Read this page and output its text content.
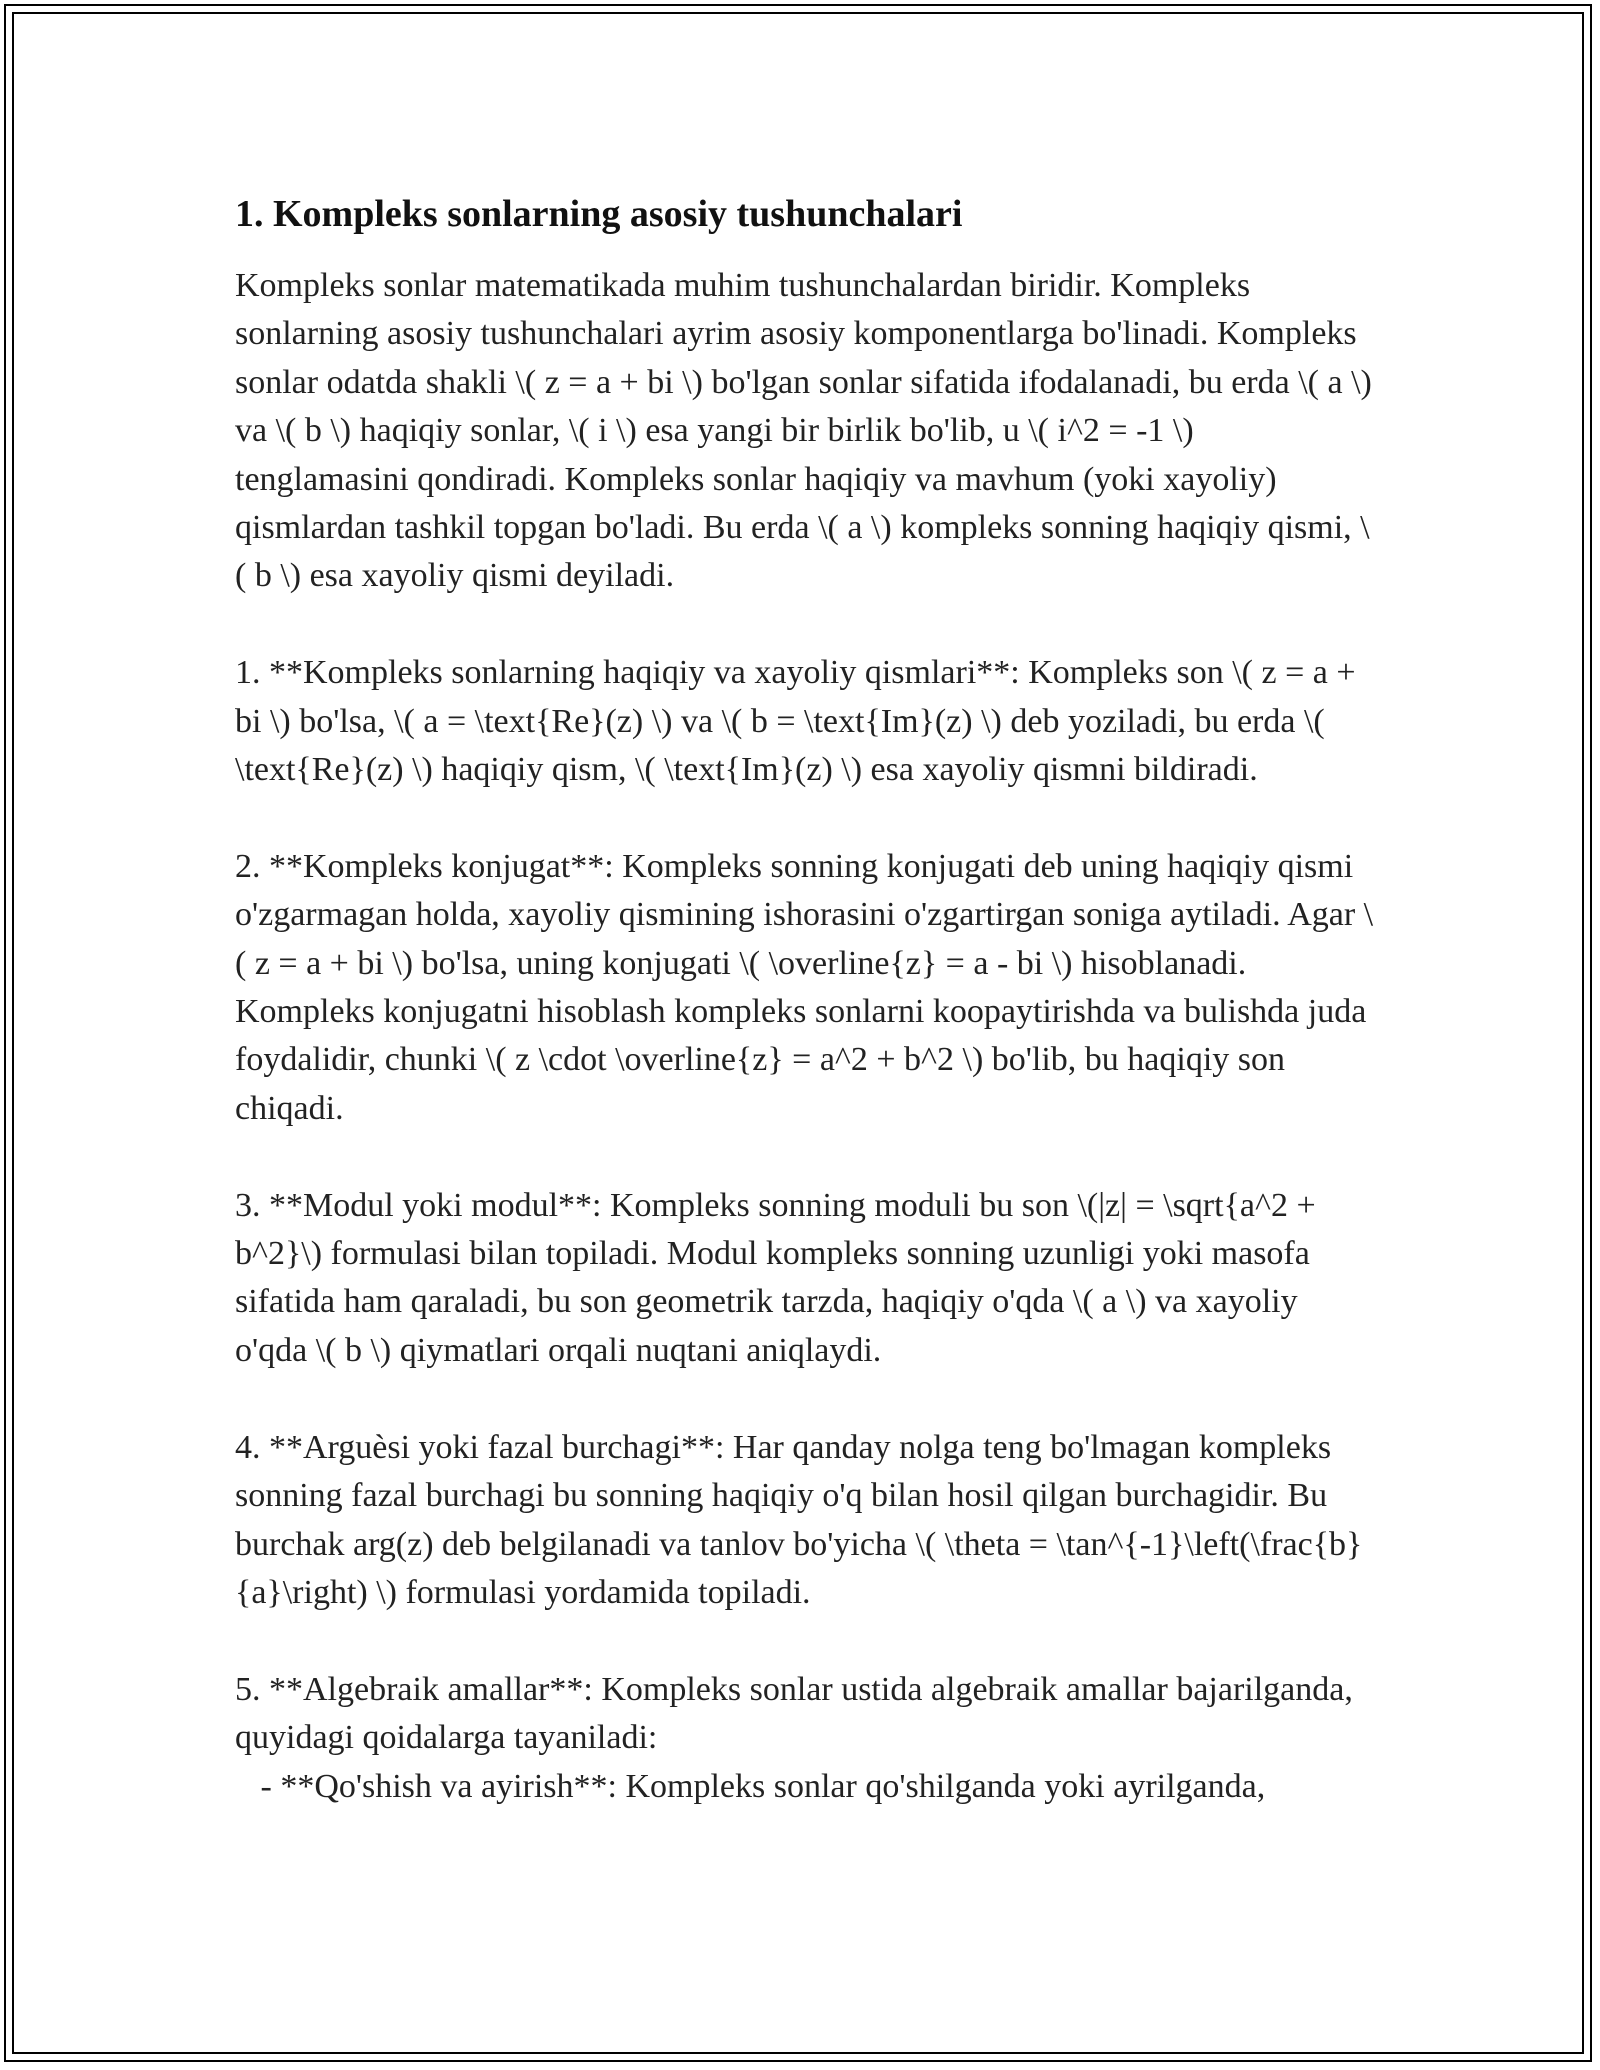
1. Kompleks sonlarning asosiy tushunchalari

Kompleks sonlar matematikada muhim tushunchalardan biridir. Kompleks sonlarning asosiy tushunchalari ayrim asosiy komponentlarga bo'linadi. Kompleks sonlar odatda shakli \( z = a + bi \) bo'lgan sonlar sifatida ifodalanadi, bu erda \( a \) va \( b \) haqiqiy sonlar, \( i \) esa yangi bir birlik bo'lib, u \( i^2 = -1 \) tenglamasini qondiradi. Kompleks sonlar haqiqiy va mavhum (yoki xayoliy) qismlardan tashkil topgan bo'ladi. Bu erda \( a \) kompleks sonning haqiqiy qismi, \( b \) esa xayoliy qismi deyiladi.

1. **Kompleks sonlarning haqiqiy va xayoliy qismlari**: Kompleks son \( z = a + bi \) bo'lsa, \( a = \text{Re}(z) \) va \( b = \text{Im}(z) \) deb yoziladi, bu erda \( \text{Re}(z) \) haqiqiy qism, \( \text{Im}(z) \) esa xayoliy qismni bildiradi.

2. **Kompleks konjugat**: Kompleks sonning konjugati deb uning haqiqiy qismi o'zgarmagan holda, xayoliy qismining ishorasini o'zgartirgan soniga aytiladi. Agar \( z = a + bi \) bo'lsa, uning konjugati \( \overline{z} = a - bi \) hisoblanadi. Kompleks konjugatni hisoblash kompleks sonlarni koopaytirishda va bulishda juda foydalidir, chunki \( z \cdot \overline{z} = a^2 + b^2 \) bo'lib, bu haqiqiy son chiqadi.

3. **Modul yoki modul**: Kompleks sonning moduli bu son \(|z| = \sqrt{a^2 + b^2}\) formulasi bilan topiladi. Modul kompleks sonning uzunligi yoki masofa sifatida ham qaraladi, bu son geometrik tarzda, haqiqiy o'qda \( a \) va xayoliy o'qda \( b \) qiymatlari orqali nuqtani aniqlaydi.

4. **Arguèsi yoki fazal burchagi**: Har qanday nolga teng bo'lmagan kompleks sonning fazal burchagi bu sonning haqiqiy o'q bilan hosil qilgan burchagidir. Bu burchak arg(z) deb belgilanadi va tanlov bo'yicha \( \theta = \tan^{-1}\left(\frac{b}{a}\right) \) formulasi yordamida topiladi.

5. **Algebraik amallar**: Kompleks sonlar ustida algebraik amallar bajarilganda, quyidagi qoidalarga tayaniladi:
- **Qo'shish va ayirish**: Kompleks sonlar qo'shilganda yoki ayrilganda,
